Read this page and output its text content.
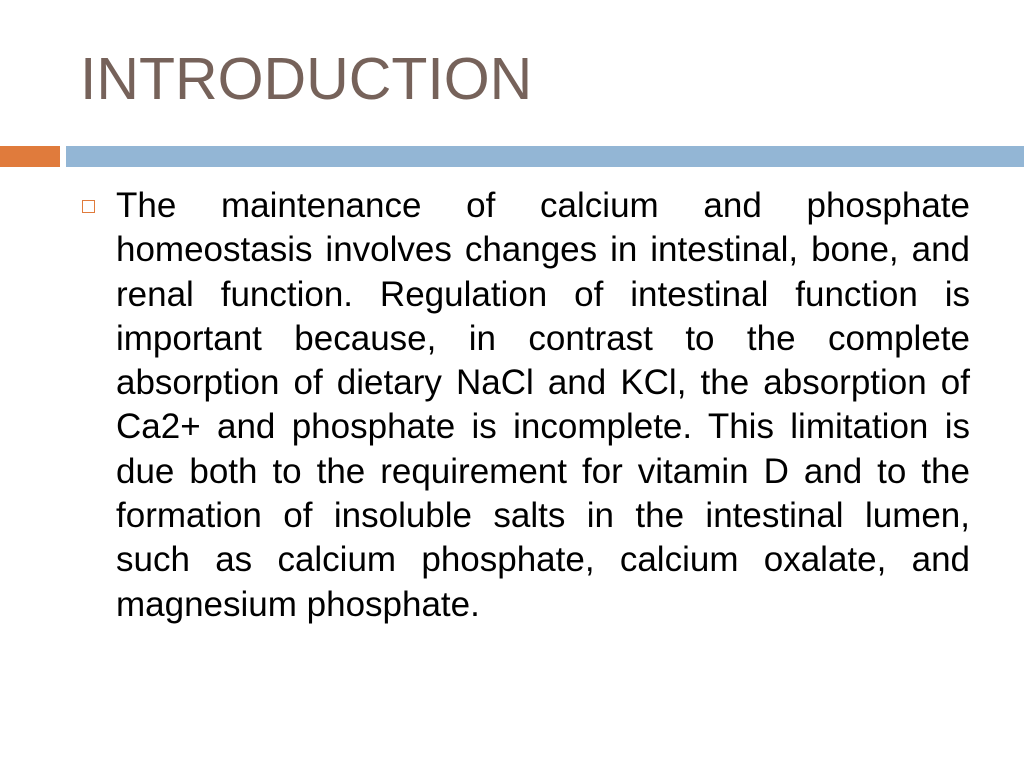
INTRODUCTION

The maintenance of calcium and phosphate homeostasis involves changes in intestinal, bone, and renal function. Regulation of intestinal function is important because, in contrast to the complete absorption of dietary NaCl and KCl, the absorption of Ca2+ and phosphate is incomplete. This limitation is due both to the requirement for vitamin D and to the formation of insoluble salts in the intestinal lumen, such as calcium phosphate, calcium oxalate, and magnesium phosphate.
